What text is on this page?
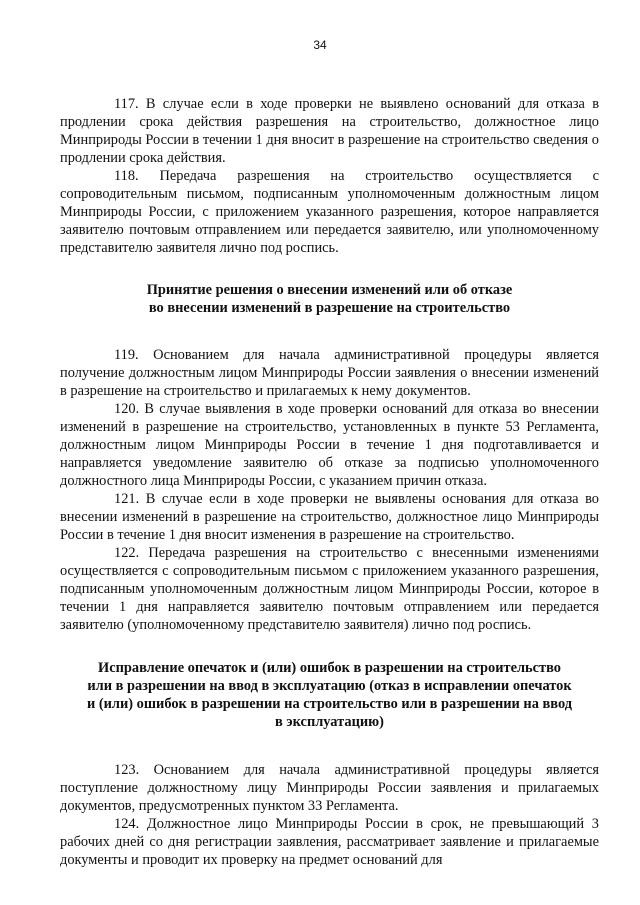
34

117. В случае если в ходе проверки не выявлено оснований для отказа в продлении срока действия разрешения на строительство, должностное лицо Минприроды России в течении 1 дня вносит в разрешение на строительство сведения о продлении срока действия.

118. Передача разрешения на строительство осуществляется с сопроводительным письмом, подписанным уполномоченным должностным лицом Минприроды России, с приложением указанного разрешения, которое направляется заявителю почтовым отправлением или передается заявителю, или уполномоченному представителю заявителя лично под роспись.

Принятие решения о внесении изменений или об отказе
во внесении изменений в разрешение на строительство

119. Основанием для начала административной процедуры является получение должностным лицом Минприроды России заявления о внесении изменений в разрешение на строительство и прилагаемых к нему документов.

120. В случае выявления в ходе проверки оснований для отказа во внесении изменений в разрешение на строительство, установленных в пункте 53 Регламента, должностным лицом Минприроды России в течение 1 дня подготавливается и направляется уведомление заявителю об отказе за подписью уполномоченного должностного лица Минприроды России, с указанием причин отказа.

121. В случае если в ходе проверки не выявлены основания для отказа во внесении изменений в разрешение на строительство, должностное лицо Минприроды России в течение 1 дня вносит изменения в разрешение на строительство.

122. Передача разрешения на строительство с внесенными изменениями осуществляется с сопроводительным письмом с приложением указанного разрешения, подписанным уполномоченным должностным лицом Минприроды России, которое в течении 1 дня направляется заявителю почтовым отправлением или передается заявителю (уполномоченному представителю заявителя) лично под роспись.

Исправление опечаток и (или) ошибок в разрешении на строительство
или в разрешении на ввод в эксплуатацию (отказ в исправлении опечаток
и (или) ошибок в разрешении на строительство или в разрешении на ввод
в эксплуатацию)

123. Основанием для начала административной процедуры является поступление должностному лицу Минприроды России заявления и прилагаемых документов, предусмотренных пунктом 33 Регламента.

124. Должностное лицо Минприроды России в срок, не превышающий 3 рабочих дней со дня регистрации заявления, рассматривает заявление и прилагаемые документы и проводит их проверку на предмет оснований для
